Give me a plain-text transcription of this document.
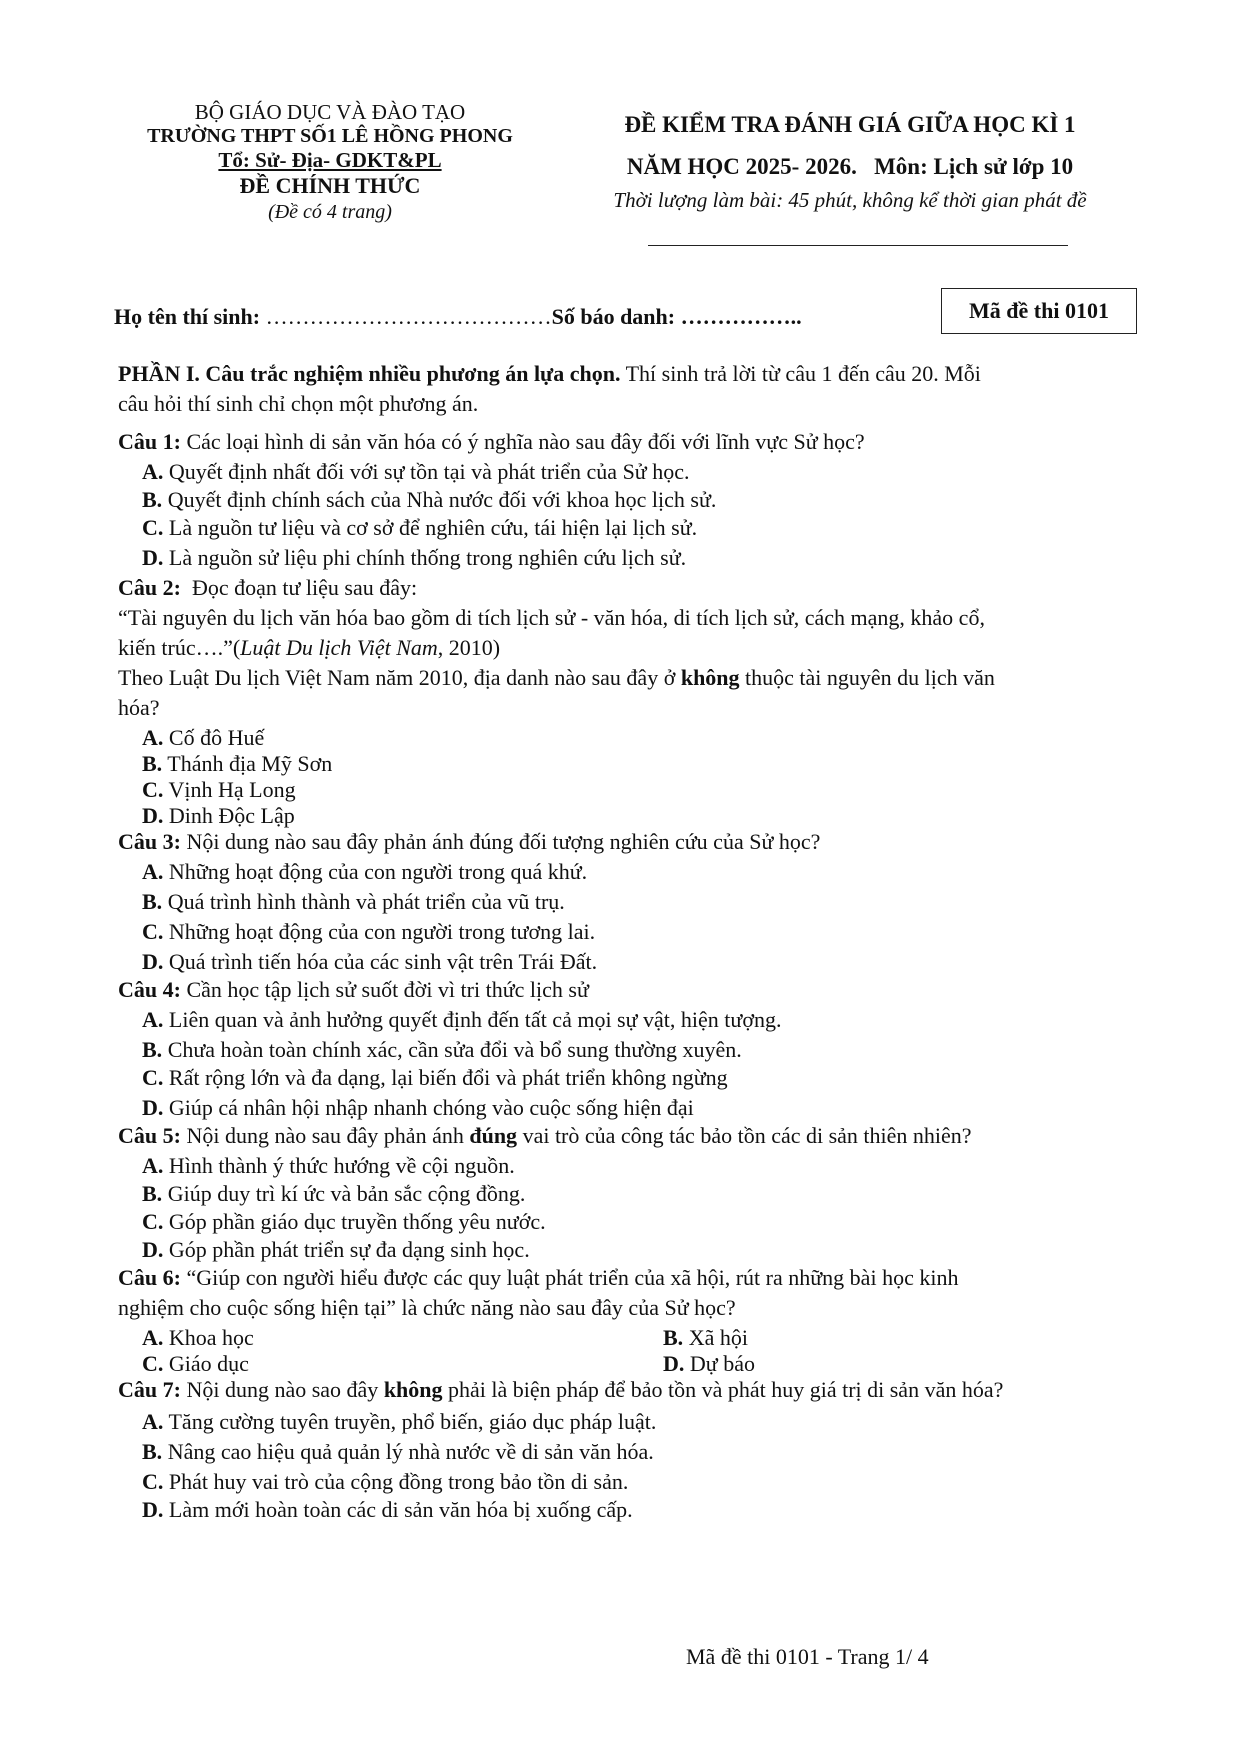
BỘ GIÁO DỤC VÀ ĐÀO TẠO
TRƯỜNG THPT SỐ1 LÊ HỒNG PHONG
Tổ: Sử- Địa- GDKT&PL
ĐỀ CHÍNH THỨC
(Đề có 4 trang)
ĐỀ KIỂM TRA ĐÁNH GIÁ GIỮA HỌC KÌ 1
NĂM HỌC 2025- 2026.   Môn: Lịch sử lớp 10
Thời lượng làm bài: 45 phút, không kể thời gian phát đề
Họ tên thí sinh: …………………………………Số báo danh: ……………..	Mã đề thi 0101
PHẦN I. Câu trắc nghiệm nhiều phương án lựa chọn. Thí sinh trả lời từ câu 1 đến câu 20. Mỗi
câu hỏi thí sinh chỉ chọn một phương án.
Câu 1: Các loại hình di sản văn hóa có ý nghĩa nào sau đây đối với lĩnh vực Sử học?
A. Quyết định nhất đối với sự tồn tại và phát triển của Sử học.
B. Quyết định chính sách của Nhà nước đối với khoa học lịch sử.
C. Là nguồn tư liệu và cơ sở để nghiên cứu, tái hiện lại lịch sử.
D. Là nguồn sử liệu phi chính thống trong nghiên cứu lịch sử.
Câu 2:  Đọc đoạn tư liệu sau đây:
“Tài nguyên du lịch văn hóa bao gồm di tích lịch sử - văn hóa, di tích lịch sử, cách mạng, khảo cổ,
kiến trúc….”(Luật Du lịch Việt Nam, 2010)
Theo Luật Du lịch Việt Nam năm 2010, địa danh nào sau đây ở không thuộc tài nguyên du lịch văn
hóa?
A. Cố đô Huế
B. Thánh địa Mỹ Sơn
C. Vịnh Hạ Long
D. Dinh Độc Lập
Câu 3: Nội dung nào sau đây phản ánh đúng đối tượng nghiên cứu của Sử học?
A. Những hoạt động của con người trong quá khứ.
B. Quá trình hình thành và phát triển của vũ trụ.
C. Những hoạt động của con người trong tương lai.
D. Quá trình tiến hóa của các sinh vật trên Trái Đất.
Câu 4: Cần học tập lịch sử suốt đời vì tri thức lịch sử
A. Liên quan và ảnh hưởng quyết định đến tất cả mọi sự vật, hiện tượng.
B. Chưa hoàn toàn chính xác, cần sửa đổi và bổ sung thường xuyên.
C. Rất rộng lớn và đa dạng, lại biến đổi và phát triển không ngừng
D. Giúp cá nhân hội nhập nhanh chóng vào cuộc sống hiện đại
Câu 5: Nội dung nào sau đây phản ánh đúng vai trò của công tác bảo tồn các di sản thiên nhiên?
A. Hình thành ý thức hướng về cội nguồn.
B. Giúp duy trì kí ức và bản sắc cộng đồng.
C. Góp phần giáo dục truyền thống yêu nước.
D. Góp phần phát triển sự đa dạng sinh học.
Câu 6: “Giúp con người hiểu được các quy luật phát triển của xã hội, rút ra những bài học kinh
nghiệm cho cuộc sống hiện tại” là chức năng nào sau đây của Sử học?
A. Khoa học	B. Xã hội
C. Giáo dục	D. Dự báo
Câu 7: Nội dung nào sao đây không phải là biện pháp để bảo tồn và phát huy giá trị di sản văn hóa?
A. Tăng cường tuyên truyền, phổ biến, giáo dục pháp luật.
B. Nâng cao hiệu quả quản lý nhà nước về di sản văn hóa.
C. Phát huy vai trò của cộng đồng trong bảo tồn di sản.
D. Làm mới hoàn toàn các di sản văn hóa bị xuống cấp.
Mã đề thi 0101 - Trang 1/ 4
